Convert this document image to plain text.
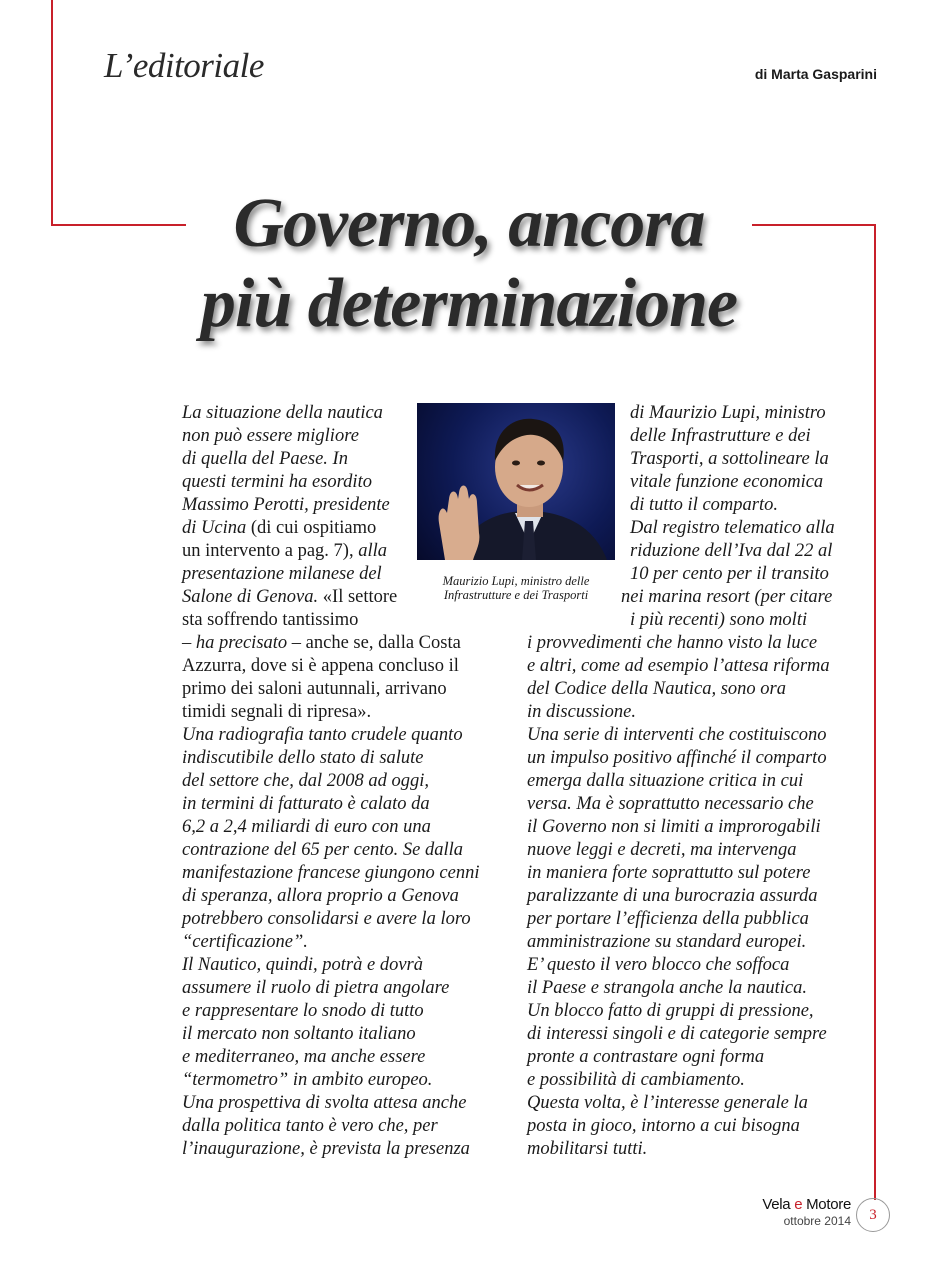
L’editoriale	di Marta Gasparini
Governo, ancora
più determinazione
Maurizio Lupi, ministro delle
Infrastrutture e dei Trasporti
La situazione della nautica
non può essere migliore
di quella del Paese. In
questi termini ha esordito
Massimo Perotti, presidente
di Ucina (di cui ospitiamo
un intervento a pag. 7), alla
presentazione milanese del
Salone di Genova. «Il settore
sta soffrendo tantissimo
– ha precisato – anche se, dalla Costa
Azzurra, dove si è appena concluso il
primo dei saloni autunnali, arrivano
timidi segnali di ripresa».
Una radiografia tanto crudele quanto
indiscutibile dello stato di salute
del settore che, dal 2008 ad oggi,
in termini di fatturato è calato da
6,2 a 2,4 miliardi di euro con una
contrazione del 65 per cento. Se dalla
manifestazione francese giungono cenni
di speranza, allora proprio a Genova
potrebbero consolidarsi e avere la loro
“certificazione”.
Il Nautico, quindi, potrà e dovrà
assumere il ruolo di pietra angolare
e rappresentare lo snodo di tutto
il mercato non soltanto italiano
e mediterraneo, ma anche essere
“termometro” in ambito europeo.
Una prospettiva di svolta attesa anche
dalla politica tanto è vero che, per
l’inaugurazione, è prevista la presenza
di Maurizio Lupi, ministro
delle Infrastrutture e dei
Trasporti, a sottolineare la
vitale funzione economica
di tutto il comparto.
Dal registro telematico alla
riduzione dell’Iva dal 22 al
10 per cento per il transito
nei marina resort (per citare
i più recenti) sono molti
i provvedimenti che hanno visto la luce
e altri, come ad esempio l’attesa riforma
del Codice della Nautica, sono ora
in discussione.
Una serie di interventi che costituiscono
un impulso positivo affinché il comparto
emerga dalla situazione critica in cui
versa. Ma è soprattutto necessario che
il Governo non si limiti a improrogabili
nuove leggi e decreti, ma intervenga
in maniera forte soprattutto sul potere
paralizzante di una burocrazia assurda
per portare l’efficienza della pubblica
amministrazione su standard europei.
E’ questo il vero blocco che soffoca
il Paese e strangola anche la nautica.
Un blocco fatto di gruppi di pressione,
di interessi singoli e di categorie sempre
pronte a contrastare ogni forma
e possibilità di cambiamento.
Questa volta, è l’interesse generale la
posta in gioco, intorno a cui bisogna
mobilitarsi tutti.
Vela e Motore
ottobre 2014	3
